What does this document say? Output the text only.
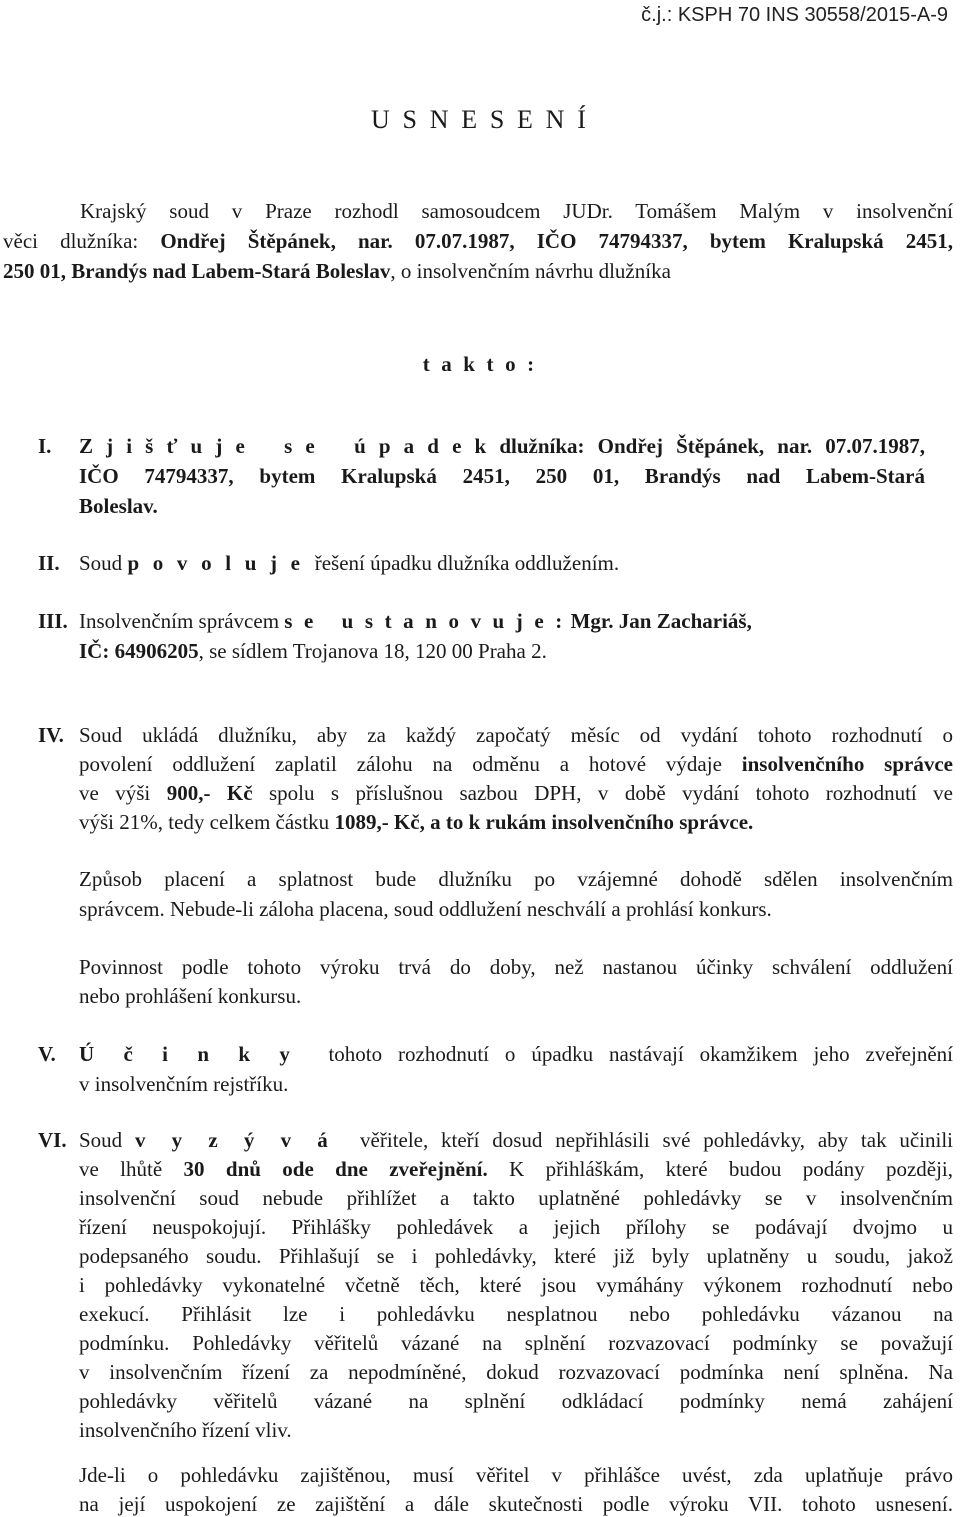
č.j.: KSPH 70 INS 30558/2015-A-9
U S N E S E N Í
Krajský soud v Praze rozhodl samosoudcem JUDr. Tomášem Malým v insolvenční
věci dlužníka: Ondřej Štěpánek, nar. 07.07.1987, IČO 74794337, bytem Kralupská 2451,
250 01, Brandýs nad Labem-Stará Boleslav, o insolvenčním návrhu dlužníka
t a k t o :
I. Z j i š ť u j e   s e   ú p a d e k dlužníka: Ondřej Štěpánek, nar. 07.07.1987,
IČO 74794337, bytem Kralupská 2451, 250 01, Brandýs nad Labem-Stará
Boleslav.
II. Soud p o v o l u j e  řešení úpadku dlužníka oddlužením.
III. Insolvenčním správcem s e   u s t a n o v u j e : Mgr. Jan Zachariáš,
IČ: 64906205, se sídlem Trojanova 18, 120 00 Praha 2.
IV. Soud ukládá dlužníku, aby za každý započatý měsíc od vydání tohoto rozhodnutí o
povolení oddlužení zaplatil zálohu na odměnu a hotové výdaje insolvenčního správce
ve výši 900,- Kč spolu s příslušnou sazbou DPH, v době vydání tohoto rozhodnutí ve
výši 21%, tedy celkem částku 1089,- Kč, a to k rukám insolvenčního správce.
Způsob placení a splatnost bude dlužníku po vzájemné dohodě sdělen insolvenčním
správcem. Nebude-li záloha placena, soud oddlužení neschválí a prohlásí konkurs.
Povinnost podle tohoto výroku trvá do doby, než nastanou účinky schválení oddlužení
nebo prohlášení konkursu.
V. Ú č i n k y  tohoto rozhodnutí o úpadku nastávají okamžikem jeho zveřejnění
v insolvenčním rejstříku.
VI. Soud v y z ý v á  věřitele, kteří dosud nepřihlásili své pohledávky, aby tak učinili
ve lhůtě 30 dnů ode dne zveřejnění. K přihláškám, které budou podány později,
insolvenční soud nebude přihlížet a takto uplatněné pohledávky se v insolvenčním
řízení neuspokojují. Přihlášky pohledávek a jejich přílohy se podávají dvojmo u
podepsaného soudu. Přihlašují se i pohledávky, které již byly uplatněny u soudu, jakož
i pohledávky vykonatelné včetně těch, které jsou vymáhány výkonem rozhodnutí nebo
exekucí. Přihlásit lze i pohledávku nesplatnou nebo pohledávku vázanou na
podmínku. Pohledávky věřitelů vázané na splnění rozvazovací podmínky se považují
v insolvenčním řízení za nepodmíněné, dokud rozvazovací podmínka není splněna. Na
pohledávky věřitelů vázané na splnění odkládací podmínky nemá zahájení
insolvenčního řízení vliv.
Jde-li o pohledávku zajištěnou, musí věřitel v přihlášce uvést, zda uplatňuje právo
na její uspokojení ze zajištění a dále skutečnosti podle výroku VII. tohoto usnesení.
